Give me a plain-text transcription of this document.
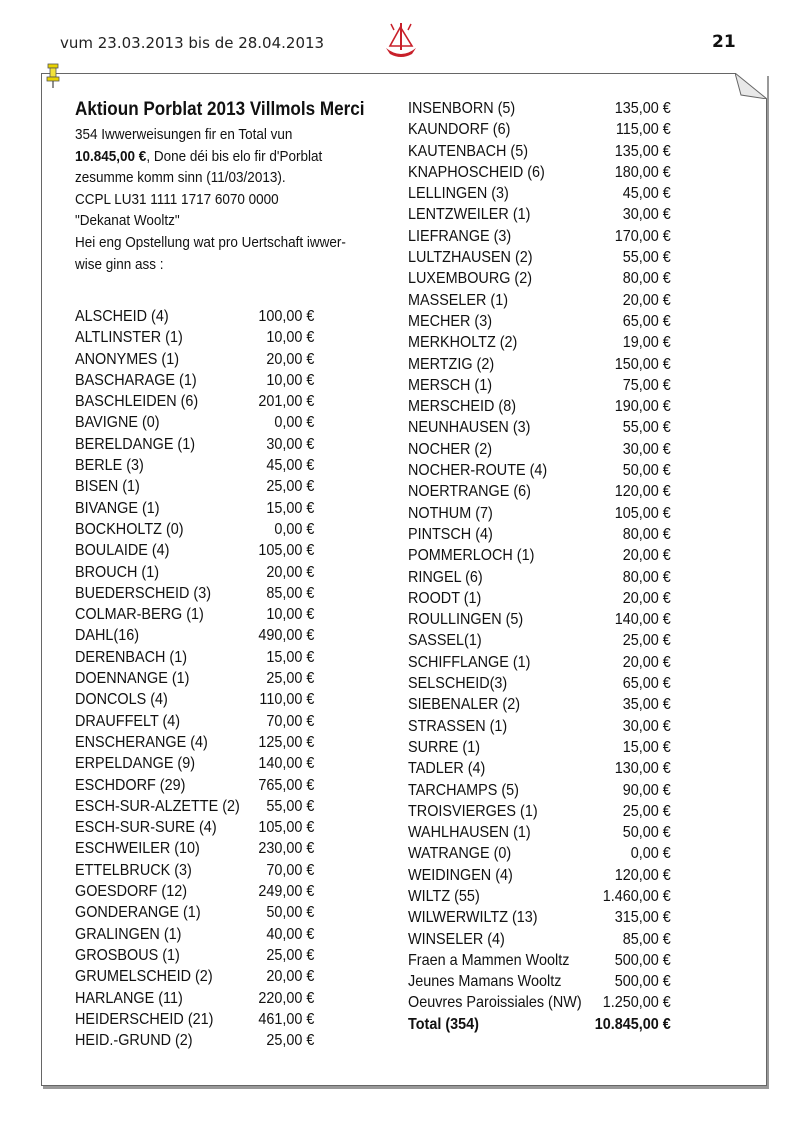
vum 23.03.2013 bis de 28.04.2013	21
Aktioun Porblat 2013 Villmols Merci

354 Iwwerweisungen fir en Total vun

10.845,00 €, Done déi bis elo fir d'Porblat

zesumme komm sinn (11/03/2013).

CCPL LU31 1111 1717 6070 0000

"Dekanat Wooltz"

Hei eng Opstellung wat pro Uertschaft iwwer-

wise ginn ass :

ALSCHEID (4)	100,00 €
ALTLINSTER (1)	10,00 €
ANONYMES (1)	20,00 €
BASCHARAGE (1)	10,00 €
BASCHLEIDEN (6)	201,00 €
BAVIGNE (0)	0,00 €
BERELDANGE (1)	30,00 €
BERLE (3)	45,00 €
BISEN (1)	25,00 €
BIVANGE (1)	15,00 €
BOCKHOLTZ (0)	0,00 €
BOULAIDE (4)	105,00 €
BROUCH (1)	20,00 €
BUEDERSCHEID (3)	85,00 €
COLMAR-BERG (1)	10,00 €
DAHL(16)	490,00 €
DERENBACH (1)	15,00 €
DOENNANGE (1)	25,00 €
DONCOLS (4)	110,00 €
DRAUFFELT (4)	70,00 €
ENSCHERANGE (4)	125,00 €
ERPELDANGE (9)	140,00 €
ESCHDORF (29)	765,00 €
ESCH-SUR-ALZETTE (2) 55,00 €
ESCH-SUR-SURE (4)	105,00 €
ESCHWEILER (10)	230,00 €
ETTELBRUCK (3)	70,00 €
GOESDORF (12)	249,00 €
GONDERANGE (1)	50,00 €
GRALINGEN (1)	40,00 €
GROSBOUS (1)	25,00 €
GRUMELSCHEID (2)	20,00 €
HARLANGE (11)	220,00 €
HEIDERSCHEID (21)	461,00 €
HEID.-GRUND (2)	25,00 €
INSENBORN (5)	135,00 €
KAUNDORF (6)	115,00 €
KAUTENBACH (5)	135,00 €
KNAPHOSCHEID (6)	180,00 €
LELLINGEN (3)	45,00 €
LENTZWEILER (1)	30,00 €
LIEFRANGE (3)	170,00 €
LULTZHAUSEN (2)	55,00 €
LUXEMBOURG (2)	80,00 €
MASSELER (1)	20,00 €
MECHER (3)	65,00 €
MERKHOLTZ (2)	19,00 €
MERTZIG (2)	150,00 €
MERSCH (1)	75,00 €
MERSCHEID (8)	190,00 €
NEUNHAUSEN (3)	55,00 €
NOCHER (2)	30,00 €
NOCHER-ROUTE (4)	50,00 €
NOERTRANGE (6)	120,00 €
NOTHUM (7)	105,00 €
PINTSCH (4)	80,00 €
POMMERLOCH (1)	20,00 €
RINGEL (6)	80,00 €
ROODT (1)	20,00 €
ROULLINGEN (5)	140,00 €
SASSEL(1)	25,00 €
SCHIFFLANGE (1)	20,00 €
SELSCHEID(3)	65,00 €
SIEBENALER (2)	35,00 €
STRASSEN (1)	30,00 €
SURRE (1)	15,00 €
TADLER (4)	130,00 €
TARCHAMPS (5)	90,00 €
TROISVIERGES (1)	25,00 €
WAHLHAUSEN (1)	50,00 €
WATRANGE (0)	0,00 €
WEIDINGEN (4)	120,00 €
WILTZ (55)	1.460,00 €
WILWERWILTZ (13)	315,00 €
WINSELER (4)	85,00 €
Fraen a Mammen Wooltz	500,00 €
Jeunes Mamans Wooltz	500,00 €
Oeuvres Paroissiales (NW) 1.250,00 €
Total (354)	10.845,00 €
